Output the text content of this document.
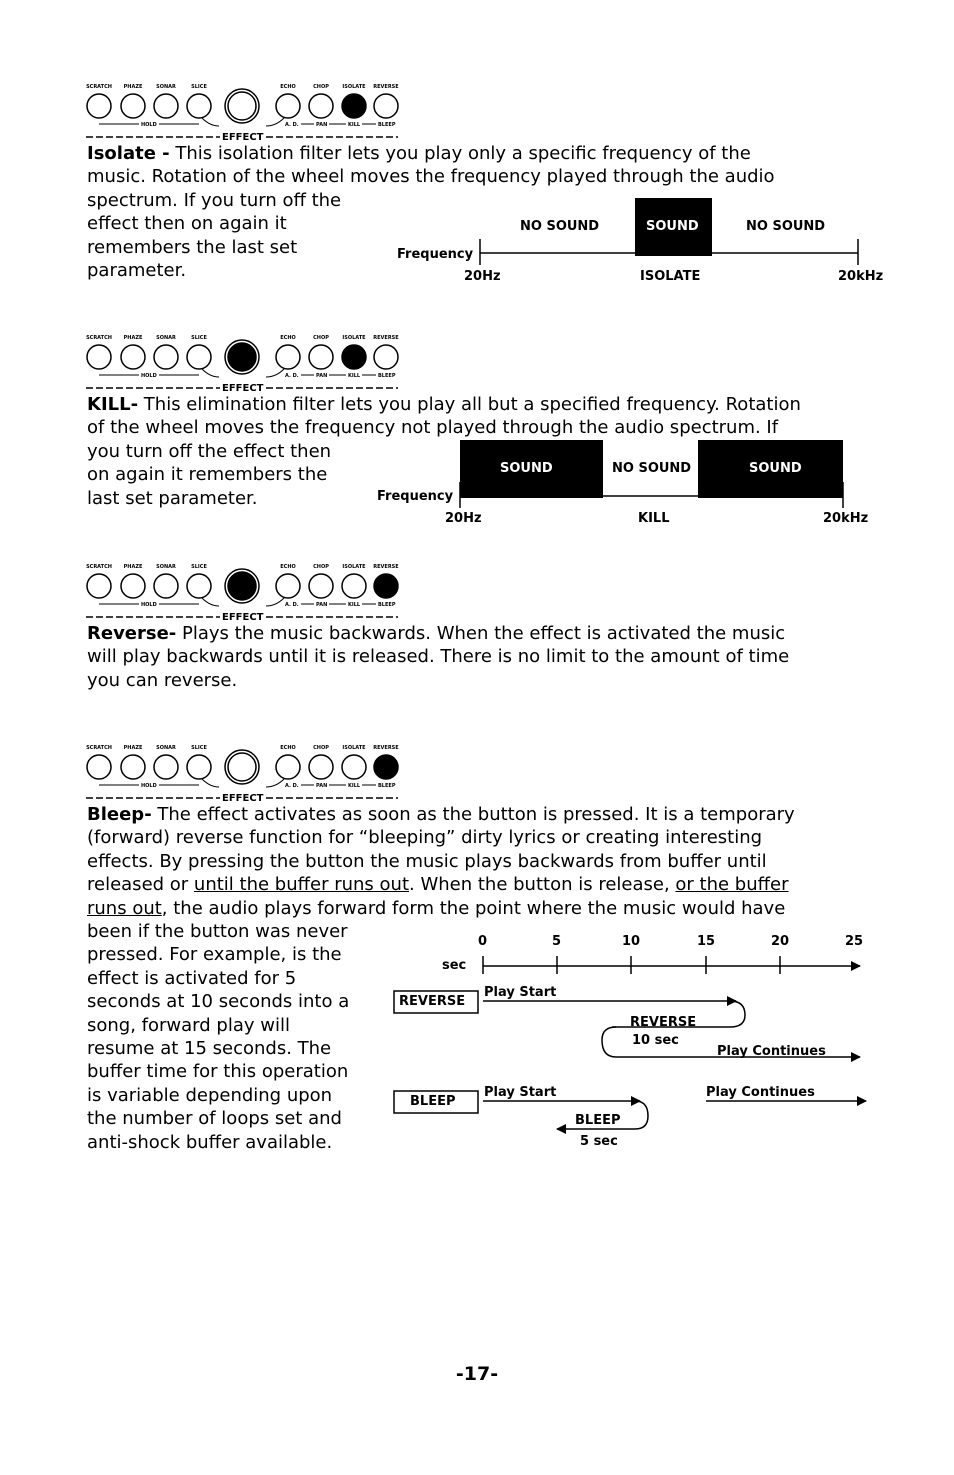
SCRATCH	PHAZE	SONAR	SLICE	ECHO	CHOP	ISOLATE	REVERSE
HOLD	A. D.	PAN	KILL	BLEEP
EFFECT
SCRATCH	PHAZE	SONAR	SLICE	ECHO	CHOP	ISOLATE	REVERSE
HOLD	A. D.	PAN	KILL	BLEEP
EFFECT
SCRATCH	PHAZE	SONAR	SLICE	ECHO	CHOP	ISOLATE	REVERSE
HOLD	A. D.	PAN	KILL	BLEEP
EFFECT
SCRATCH	PHAZE	SONAR	SLICE	ECHO	CHOP	ISOLATE	REVERSE
HOLD	A. D.	PAN	KILL	BLEEP
EFFECT
Isolate - This isolation filter lets you play only a specific frequency of the
music. Rotation of the wheel moves the frequency played through the audio
spectrum. If you turn off the
effect then on again it
remembers the last set
parameter.
NO SOUND	SOUND	NO SOUND
Frequency
20Hz	ISOLATE	20kHz
KILL- This elimination filter lets you play all but a specified frequency. Rotation
of the wheel moves the frequency not played through the audio spectrum. If
you turn off the effect then
on again it remembers the
last set parameter.
SOUND	NO SOUND	SOUND
Frequency
20Hz	KILL	20kHz
Reverse- Plays the music backwards. When the effect is activated the music
will play backwards until it is released. There is no limit to the amount of time
you can reverse.
Bleep- The effect activates as soon as the button is pressed. It is a temporary
(forward) reverse function for “bleeping” dirty lyrics or creating interesting
effects. By pressing the button the music plays backwards from buffer until
released or until the buffer runs out. When the button is release, or the buffer
runs out, the audio plays forward form the point where the music would have
been if the button was never
pressed. For example, is the
effect is activated for 5
seconds at 10 seconds into a
song, forward play will
resume at 15 seconds. The
buffer time for this operation
is variable depending upon
the number of loops set and
anti-shock buffer available.
0	5	10	15	20	25
sec
REVERSE
Play Start
REVERSE
10 sec
Play Continues
BLEEP
Play Start	Play Continues
BLEEP
5 sec
-17-
